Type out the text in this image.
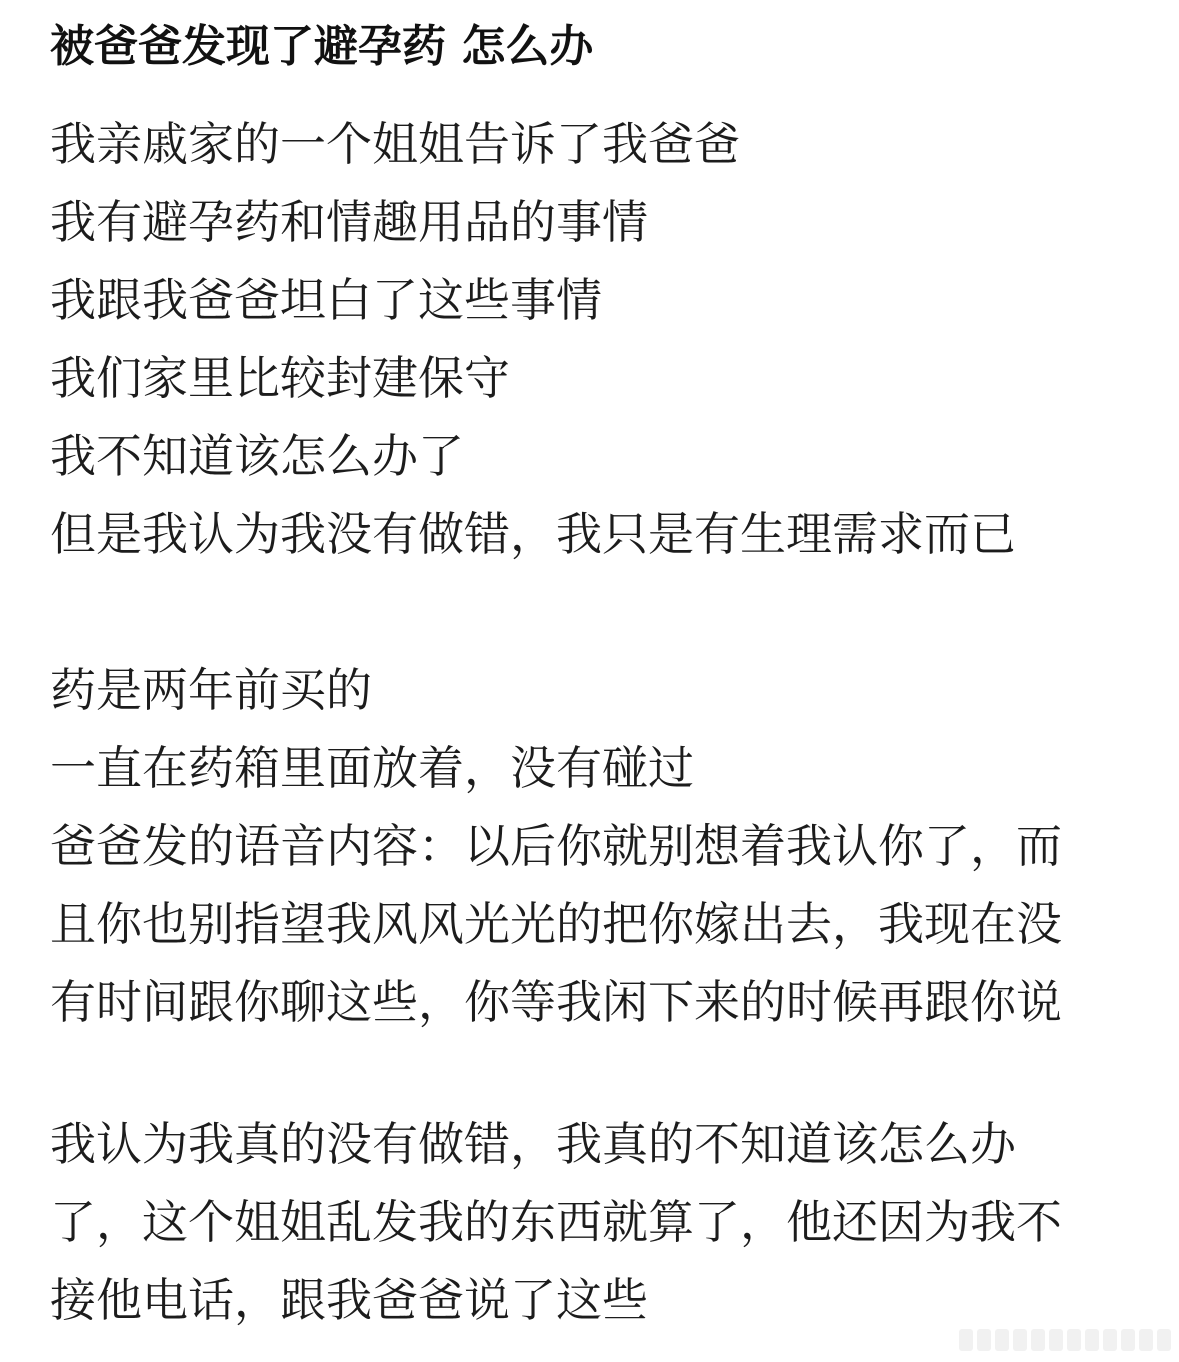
被爸爸发现了避孕药 怎么办
我亲戚家的一个姐姐告诉了我爸爸
我有避孕药和情趣用品的事情
我跟我爸爸坦白了这些事情
我们家里比较封建保守
我不知道该怎么办了
但是我认为我没有做错，我只是有生理需求而已
药是两年前买的
一直在药箱里面放着，没有碰过
爸爸发的语音内容：以后你就别想着我认你了，而
且你也别指望我风风光光的把你嫁出去，我现在没
有时间跟你聊这些，你等我闲下来的时候再跟你说
我认为我真的没有做错，我真的不知道该怎么办
了，这个姐姐乱发我的东西就算了，他还因为我不
接他电话，跟我爸爸说了这些
